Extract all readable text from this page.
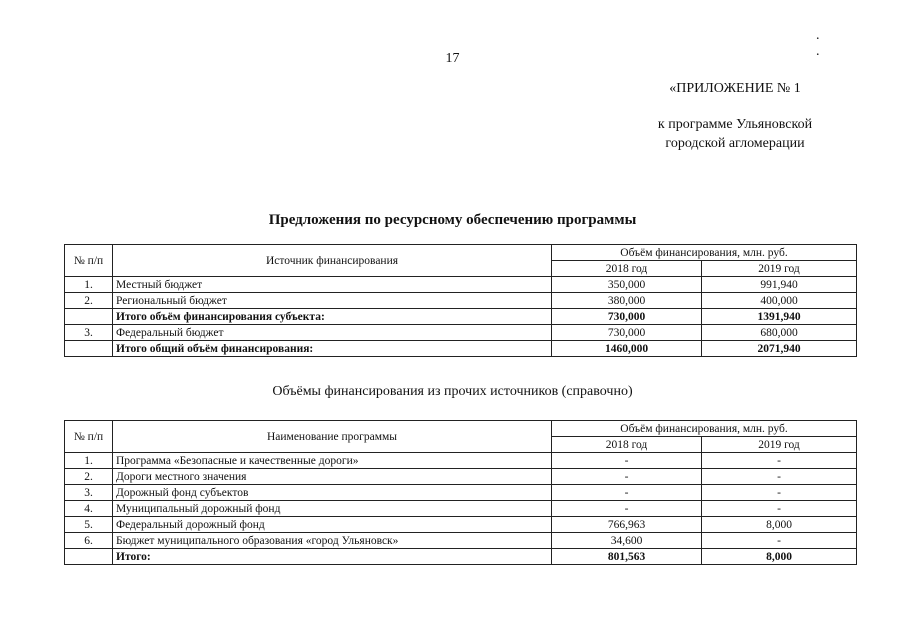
. .
17
«ПРИЛОЖЕНИЕ № 1
к программе Ульяновской
городской агломерации
Предложения по ресурсному обеспечению программы
№ п/п	Источник финансирования	Объём финансирования, млн. руб.	
		2018 год	2019 год
1.	Местный бюджет	350,000	991,940
2.	Региональный бюджет	380,000	400,000
	Итого объём финансирования субъекта:	730,000	1391,940
3.	Федеральный бюджет	730,000	680,000
	Итого общий объём финансирования:	1460,000	2071,940
Объёмы финансирования из прочих источников (справочно)
№ п/п	Наименование программы	Объём финансирования, млн. руб.	
		2018 год	2019 год
1.	Программа «Безопасные и качественные дороги»	-	-
2.	Дороги местного значения	-	-
3.	Дорожный фонд субъектов	-	-
4.	Муниципальный дорожный фонд	-	-
5.	Федеральный дорожный фонд	766,963	8,000
6.	Бюджет муниципального образования «город Ульяновск»	34,600	-
	Итого:	801,563	8,000
